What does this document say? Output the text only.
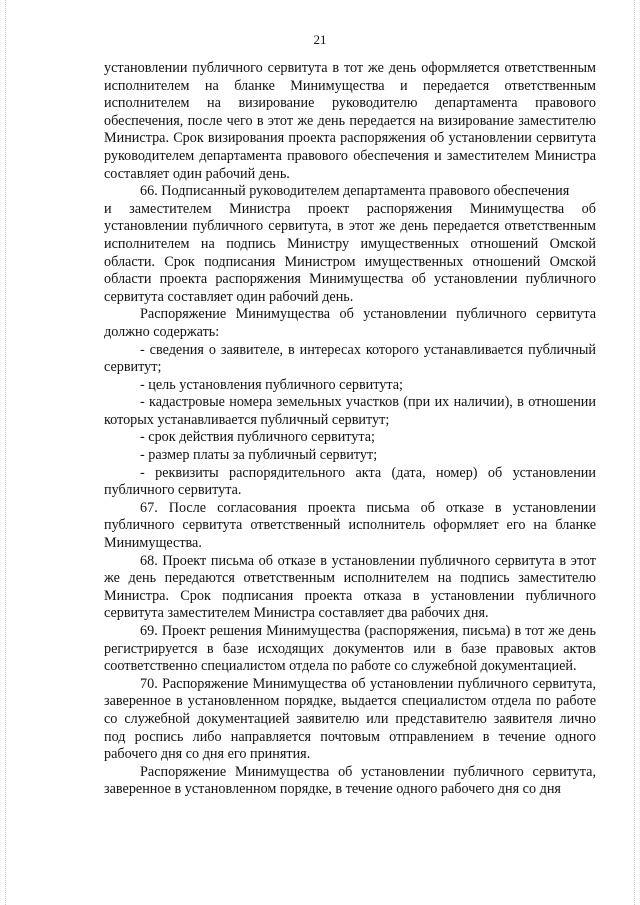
21

установлении публичного сервитута в тот же день оформляется ответственным исполнителем на бланке Минимущества и передается ответственным исполнителем на визирование руководителю департамента правового обеспечения, после чего в этот же день передается на визирование заместителю Министра. Срок визирования проекта распоряжения об установлении сервитута руководителем департамента правового обеспечения и заместителем Министра составляет один рабочий день.

66. Подписанный руководителем департамента правового обеспечения

и заместителем Министра проект распоряжения Минимущества об установлении публичного сервитута, в этот же день передается ответственным исполнителем на подпись Министру имущественных отношений Омской области. Срок подписания Министром имущественных отношений Омской области проекта распоряжения Минимущества об установлении публичного сервитута составляет один рабочий день.

Распоряжение Минимущества об установлении публичного сервитута должно содержать:

- сведения о заявителе, в интересах которого устанавливается публичный сервитут;

- цель установления публичного сервитута;

- кадастровые номера земельных участков (при их наличии), в отношении которых устанавливается публичный сервитут;

- срок действия публичного сервитута;

- размер платы за публичный сервитут;

- реквизиты распорядительного акта (дата, номер) об установлении публичного сервитута.

67. После согласования проекта письма об отказе в установлении публичного сервитута ответственный исполнитель оформляет его на бланке Минимущества.

68. Проект письма об отказе в установлении публичного сервитута в этот же день передаются ответственным исполнителем на подпись заместителю Министра. Срок подписания проекта отказа в установлении публичного сервитута заместителем Министра составляет два рабочих дня.

69. Проект решения Минимущества (распоряжения, письма) в тот же день регистрируется в базе исходящих документов или в базе правовых актов соответственно специалистом отдела по работе со служебной документацией.

70. Распоряжение Минимущества об установлении публичного сервитута, заверенное в установленном порядке, выдается специалистом отдела по работе со служебной документацией заявителю или представителю заявителя лично под роспись либо направляется почтовым отправлением в течение одного рабочего дня со дня его принятия.

Распоряжение Минимущества об установлении публичного сервитута, заверенное в установленном порядке, в течение одного рабочего дня со дня
